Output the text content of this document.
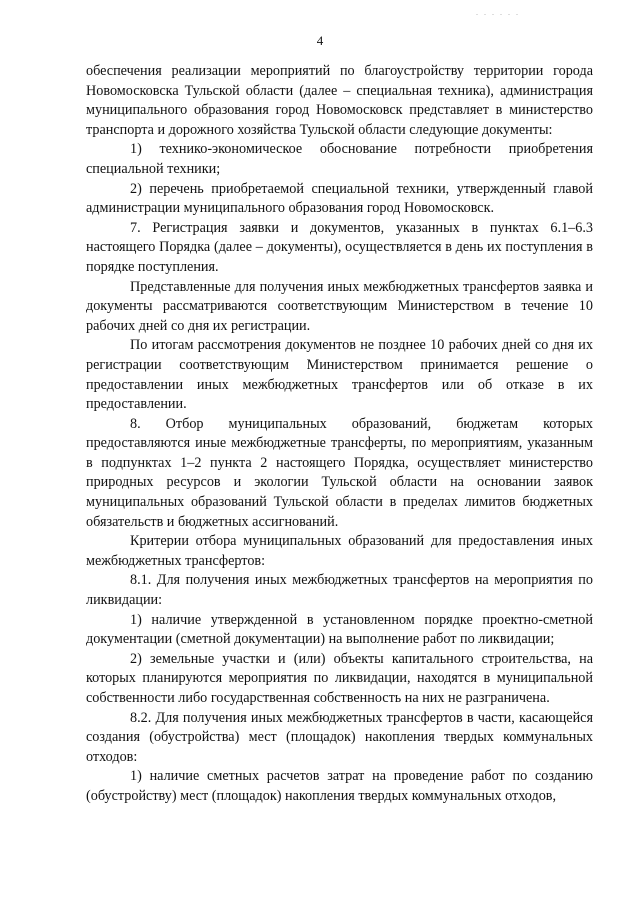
. . . . . .
4

обеспечения реализации мероприятий по благоустройству территории города Новомосковска Тульской области (далее – специальная техника), администрация муниципального образования город Новомосковск представляет в министерство транспорта и дорожного хозяйства Тульской области следующие документы:

1) технико-экономическое обоснование потребности приобретения специальной техники;

2) перечень приобретаемой специальной техники, утвержденный главой администрации муниципального образования город Новомосковск.

7. Регистрация заявки и документов, указанных в пунктах 6.1–6.3 настоящего Порядка (далее – документы), осуществляется в день их поступления в порядке поступления.

Представленные для получения иных межбюджетных трансфертов заявка и документы рассматриваются соответствующим Министерством в течение 10 рабочих дней со дня их регистрации.

По итогам рассмотрения документов не позднее 10 рабочих дней со дня их регистрации соответствующим Министерством принимается решение о предоставлении иных межбюджетных трансфертов или об отказе в их предоставлении.

8. Отбор муниципальных образований, бюджетам которых предоставляются иные межбюджетные трансферты, по мероприятиям, указанным в подпунктах 1–2 пункта 2 настоящего Порядка, осуществляет министерство природных ресурсов и экологии Тульской области на основании заявок муниципальных образований Тульской области в пределах лимитов бюджетных обязательств и бюджетных ассигнований.

Критерии отбора муниципальных образований для предоставления иных межбюджетных трансфертов:

8.1. Для получения иных межбюджетных трансфертов на мероприятия по ликвидации:

1) наличие утвержденной в установленном порядке проектно-сметной документации (сметной документации) на выполнение работ по ликвидации;

2) земельные участки и (или) объекты капитального строительства, на которых планируются мероприятия по ликвидации, находятся в муниципальной собственности либо государственная собственность на них не разграничена.

8.2. Для получения иных межбюджетных трансфертов в части, касающейся создания (обустройства) мест (площадок) накопления твердых коммунальных отходов:

1) наличие сметных расчетов затрат на проведение работ по созданию (обустройству) мест (площадок) накопления твердых коммунальных отходов,
